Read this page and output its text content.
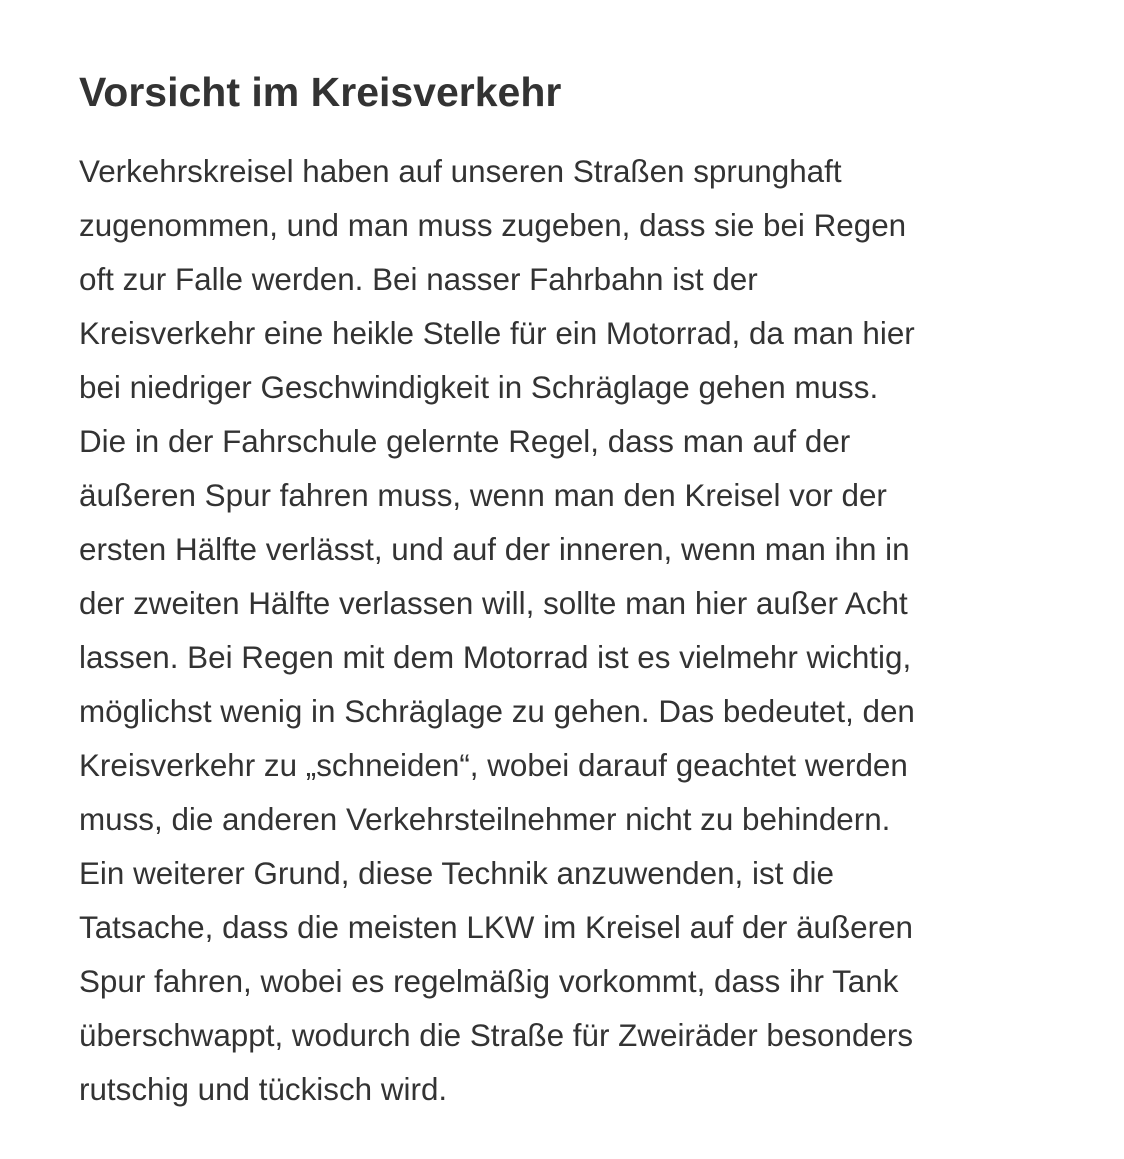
Vorsicht im Kreisverkehr
Verkehrskreisel haben auf unseren Straßen sprunghaft
zugenommen, und man muss zugeben, dass sie bei Regen
oft zur Falle werden. Bei nasser Fahrbahn ist der
Kreisverkehr eine heikle Stelle für ein Motorrad, da man hier
bei niedriger Geschwindigkeit in Schräglage gehen muss.
Die in der Fahrschule gelernte Regel, dass man auf der
äußeren Spur fahren muss, wenn man den Kreisel vor der
ersten Hälfte verlässt, und auf der inneren, wenn man ihn in
der zweiten Hälfte verlassen will, sollte man hier außer Acht
lassen. Bei Regen mit dem Motorrad ist es vielmehr wichtig,
möglichst wenig in Schräglage zu gehen. Das bedeutet, den
Kreisverkehr zu „schneiden“, wobei darauf geachtet werden
muss, die anderen Verkehrsteilnehmer nicht zu behindern.
Ein weiterer Grund, diese Technik anzuwenden, ist die
Tatsache, dass die meisten LKW im Kreisel auf der äußeren
Spur fahren, wobei es regelmäßig vorkommt, dass ihr Tank
überschwappt, wodurch die Straße für Zweiräder besonders
rutschig und tückisch wird.
